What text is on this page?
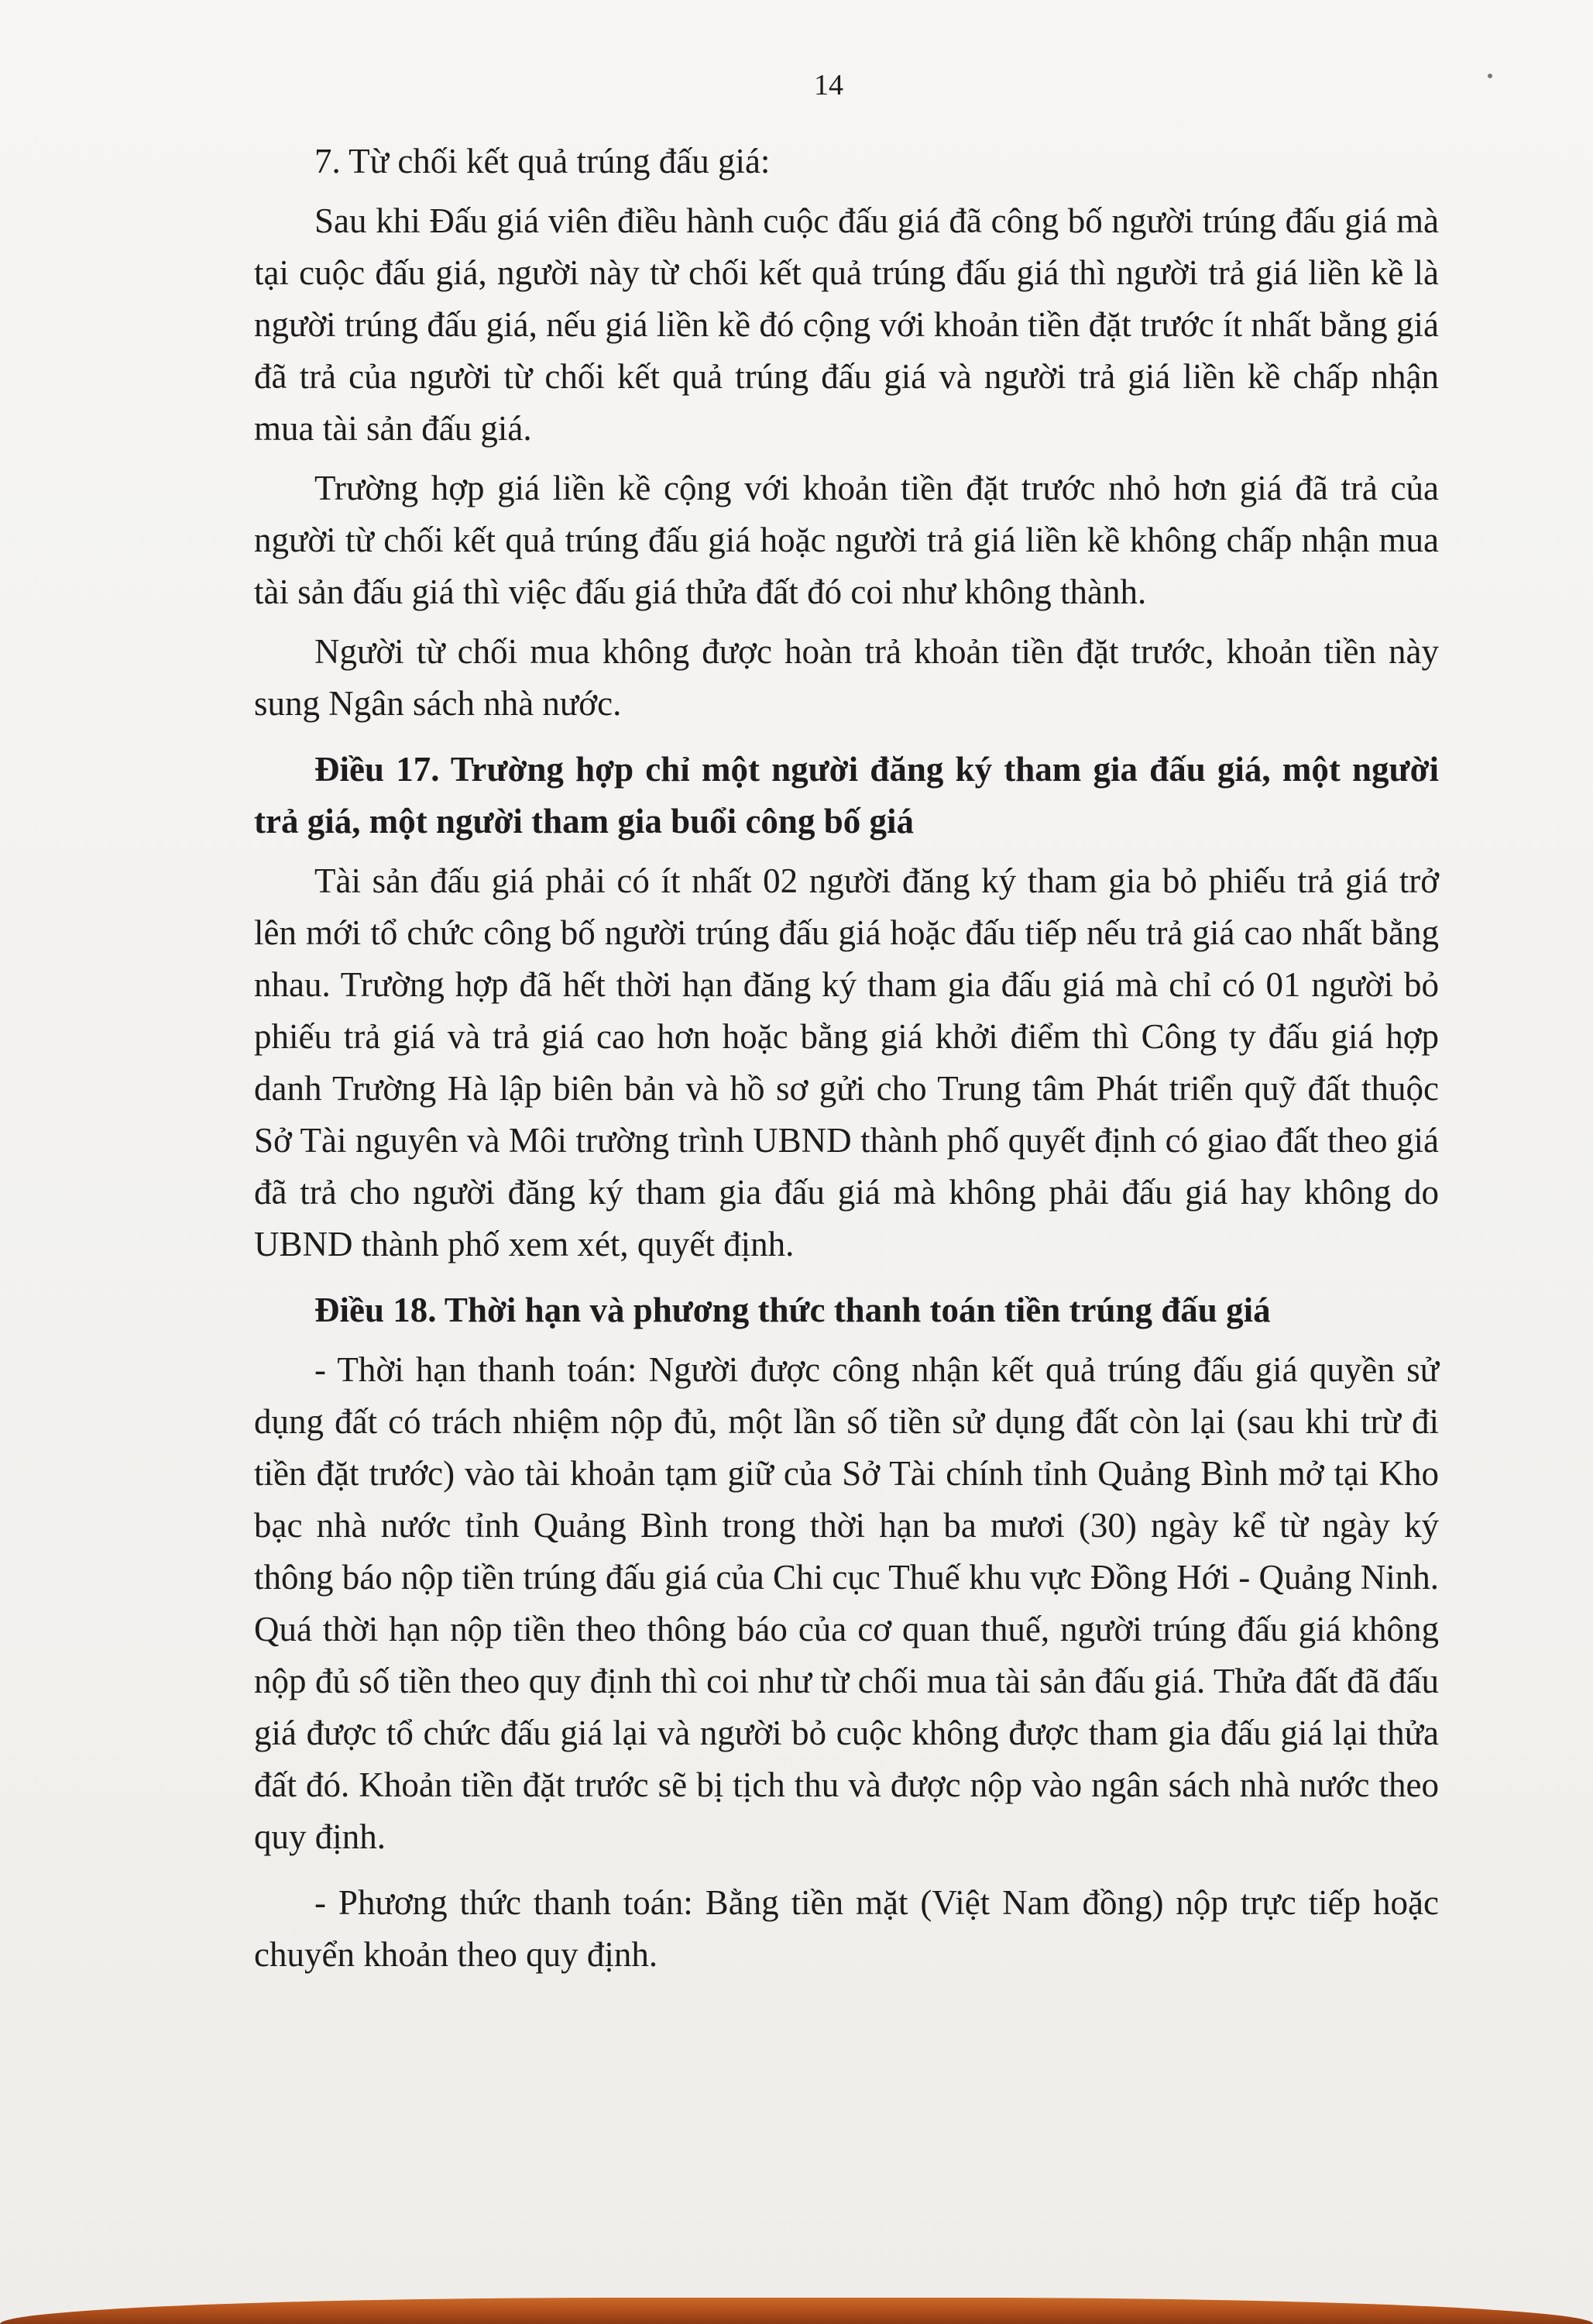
14

7. Từ chối kết quả trúng đấu giá:

Sau khi Đấu giá viên điều hành cuộc đấu giá đã công bố người trúng đấu giá mà tại cuộc đấu giá, người này từ chối kết quả trúng đấu giá thì người trả giá liền kề là người trúng đấu giá, nếu giá liền kề đó cộng với khoản tiền đặt trước ít nhất bằng giá đã trả của người từ chối kết quả trúng đấu giá và người trả giá liền kề chấp nhận mua tài sản đấu giá.

Trường hợp giá liền kề cộng với khoản tiền đặt trước nhỏ hơn giá đã trả của người từ chối kết quả trúng đấu giá hoặc người trả giá liền kề không chấp nhận mua tài sản đấu giá thì việc đấu giá thửa đất đó coi như không thành.

Người từ chối mua không được hoàn trả khoản tiền đặt trước, khoản tiền này sung Ngân sách nhà nước.

Điều 17. Trường hợp chỉ một người đăng ký tham gia đấu giá, một người trả giá, một người tham gia buổi công bố giá

Tài sản đấu giá phải có ít nhất 02 người đăng ký tham gia bỏ phiếu trả giá trở lên mới tổ chức công bố người trúng đấu giá hoặc đấu tiếp nếu trả giá cao nhất bằng nhau. Trường hợp đã hết thời hạn đăng ký tham gia đấu giá mà chỉ có 01 người bỏ phiếu trả giá và trả giá cao hơn hoặc bằng giá khởi điểm thì Công ty đấu giá hợp danh Trường Hà lập biên bản và hồ sơ gửi cho Trung tâm Phát triển quỹ đất thuộc Sở Tài nguyên và Môi trường trình UBND thành phố quyết định có giao đất theo giá đã trả cho người đăng ký tham gia đấu giá mà không phải đấu giá hay không do UBND thành phố xem xét, quyết định.

Điều 18. Thời hạn và phương thức thanh toán tiền trúng đấu giá

- Thời hạn thanh toán: Người được công nhận kết quả trúng đấu giá quyền sử dụng đất có trách nhiệm nộp đủ, một lần số tiền sử dụng đất còn lại (sau khi trừ đi tiền đặt trước) vào tài khoản tạm giữ của Sở Tài chính tỉnh Quảng Bình mở tại Kho bạc nhà nước tỉnh Quảng Bình trong thời hạn ba mươi (30) ngày kể từ ngày ký thông báo nộp tiền trúng đấu giá của Chi cục Thuế khu vực Đồng Hới - Quảng Ninh. Quá thời hạn nộp tiền theo thông báo của cơ quan thuế, người trúng đấu giá không nộp đủ số tiền theo quy định thì coi như từ chối mua tài sản đấu giá. Thửa đất đã đấu giá được tổ chức đấu giá lại và người bỏ cuộc không được tham gia đấu giá lại thửa đất đó. Khoản tiền đặt trước sẽ bị tịch thu và được nộp vào ngân sách nhà nước theo quy định.

- Phương thức thanh toán: Bằng tiền mặt (Việt Nam đồng) nộp trực tiếp hoặc chuyển khoản theo quy định.
